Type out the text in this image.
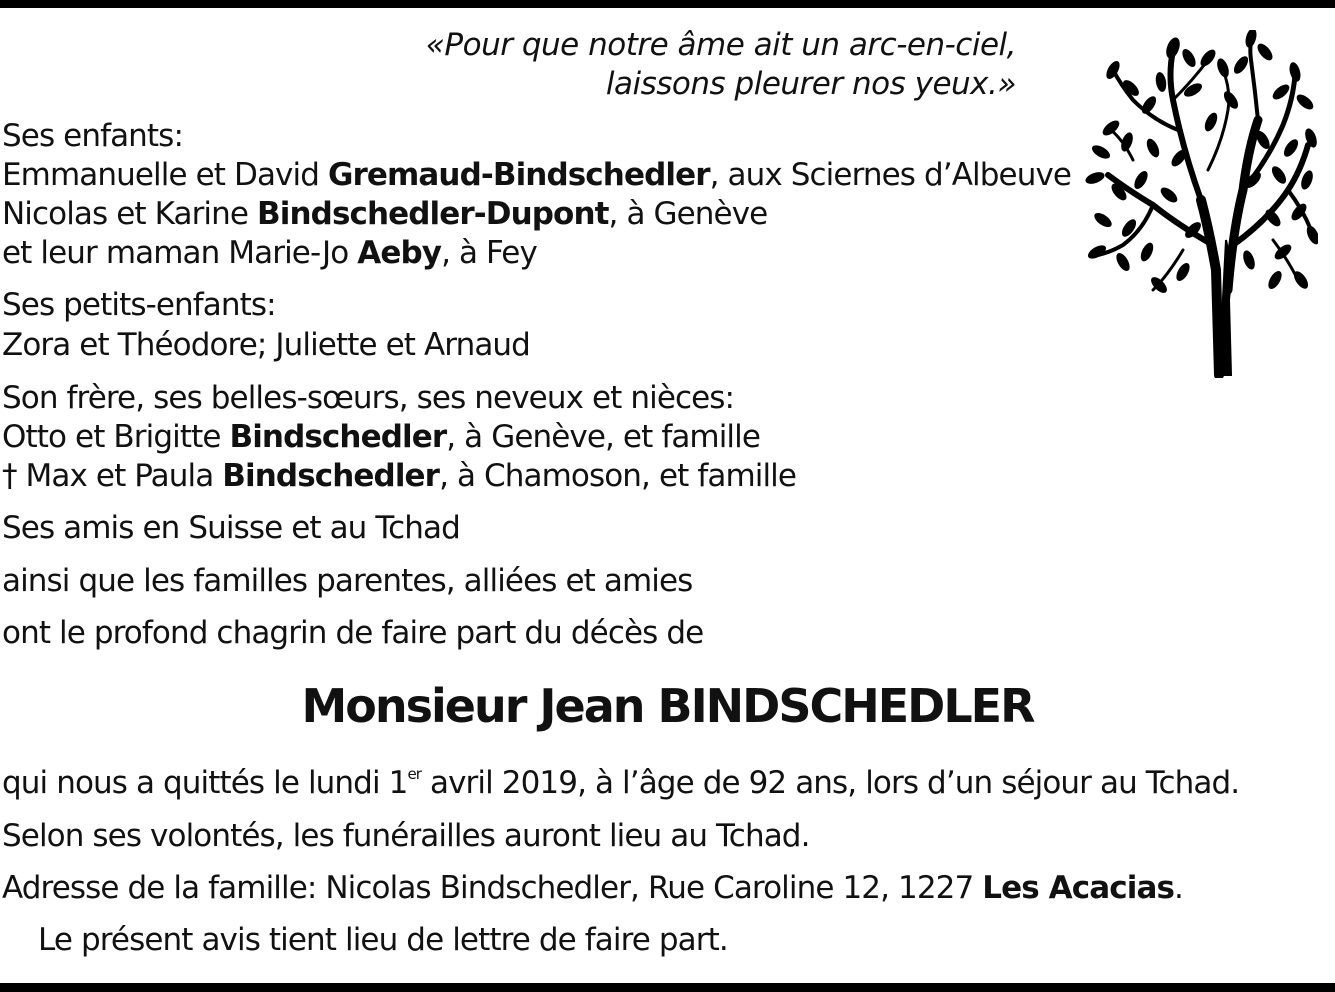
«Pour que notre âme ait un arc-en-ciel,
laissons pleurer nos yeux.»
Ses enfants:
Emmanuelle et David Gremaud-Bindschedler, aux Sciernes d’Albeuve
Nicolas et Karine Bindschedler-Dupont, à Genève
et leur maman Marie-Jo Aeby, à Fey
Ses petits-enfants:
Zora et Théodore; Juliette et Arnaud
Son frère, ses belles-sœurs, ses neveux et nièces:
Otto et Brigitte Bindschedler, à Genève, et famille
† Max et Paula Bindschedler, à Chamoson, et famille
Ses amis en Suisse et au Tchad
ainsi que les familles parentes, alliées et amies
ont le profond chagrin de faire part du décès de
Monsieur Jean BINDSCHEDLER
qui nous a quittés le lundi 1er avril 2019, à l’âge de 92 ans, lors d’un séjour au Tchad.
Selon ses volontés, les funérailles auront lieu au Tchad.
Adresse de la famille: Nicolas Bindschedler, Rue Caroline 12, 1227 Les Acacias.
Le présent avis tient lieu de lettre de faire part.
